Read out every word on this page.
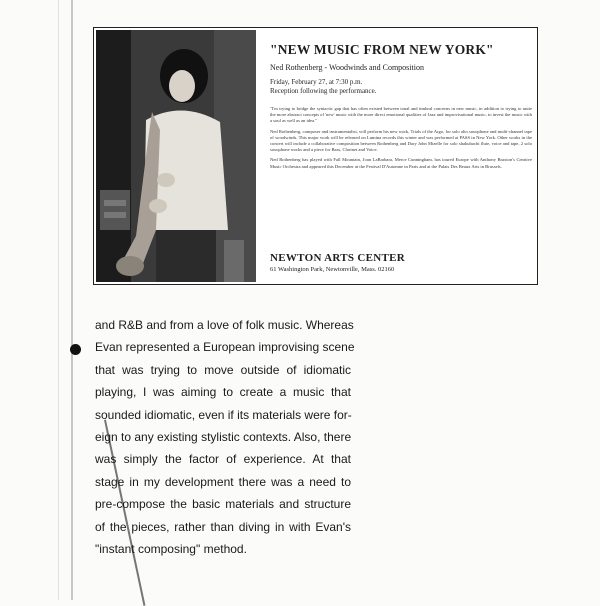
"NEW MUSIC FROM NEW YORK"

Ned Rothenberg - Woodwinds and Composition

Friday, February 27, at 7:30 p.m.

Reception following the performance.

"I'm trying to bridge the syntactic gap that has often existed between tonal and timbral concerns in new music, in addition to trying to unite the more abstract concepts of 'new' music with the more direct emotional qualities of Jazz and improvisational music, to invest the music with a soul as well as an idea."

Ned Rothenberg, composer and instrumentalist, will perform his new work, Trials of the Argo, for solo alto saxophone and multi-channel tape of woodwinds. This major work will be released on Lumina records this winter and was performed at PASS in New York. Other works in the concert will include a collaborative composition between Rothenberg and Dary John Mizelle for solo shakuhachi flute, voice and tape, 2 solo saxophone works and a piece for Bass, Clarinet and Voice.

Ned Rothenberg has played with Fall Mountain, Joan LaBarbara, Merce Cunningham, has toured Europe with Anthony Braxton's Creative Music Orchestra and appeared this December at the Festival D'Automne in Paris and at the Palais Des Beaux Arts in Brussels.

NEWTON ARTS CENTER
61 Washington Park, Newtonville, Mass. 02160
and R&B and from a love of folk music. Whereas
Evan represented a European improvising scene
that was trying to move outside of idiomatic
playing, I was aiming to create a music that
sounded idiomatic, even if its materials were for-
eign to any existing stylistic contexts. Also, there
was simply the factor of experience. At that
stage in my development there was a need to
pre-compose the basic materials and structure
of the pieces, rather than diving in with Evan's
"instant composing" method.
